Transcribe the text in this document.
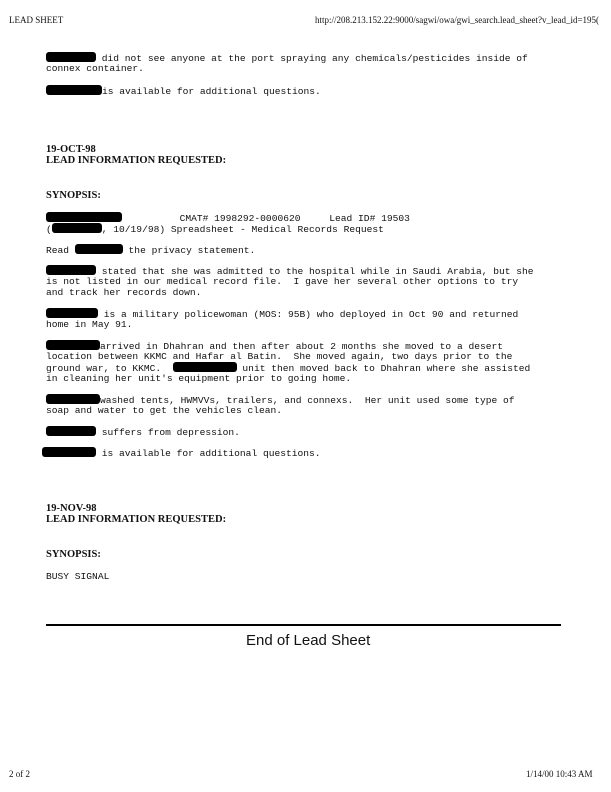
LEAD SHEET	http://208.213.152.22:9000/sagwi/owa/gwi_search.lead_sheet?v_lead_id=195(
did not see anyone at the port spraying any chemicals/pesticides inside of
connex container.
is available for additional questions.
19-OCT-98
LEAD INFORMATION REQUESTED:
SYNOPSIS:
CMAT# 1998292-0000620     Lead ID# 19503
(	, 10/19/98) Spreadsheet - Medical Records Request
Read	the privacy statement.
stated that she was admitted to the hospital while in Saudi Arabia, but she
is not listed in our medical record file.  I gave her several other options to try
and track her records down.
is a military policewoman (MOS: 95B) who deployed in Oct 90 and returned
home in May 91.
arrived in Dhahran and then after about 2 months she moved to a desert
location between KKMC and Hafar al Batin.  She moved again, two days prior to the
ground war, to KKMC.	unit then moved back to Dhahran where she assisted
in cleaning her unit's equipment prior to going home.
washed tents, HWMVVs, trailers, and connexs.  Her unit used some type of
soap and water to get the vehicles clean.
suffers from depression.
is available for additional questions.
19-NOV-98
LEAD INFORMATION REQUESTED:
SYNOPSIS:
BUSY SIGNAL
End of Lead Sheet
2 of 2	1/14/00 10:43 AM
